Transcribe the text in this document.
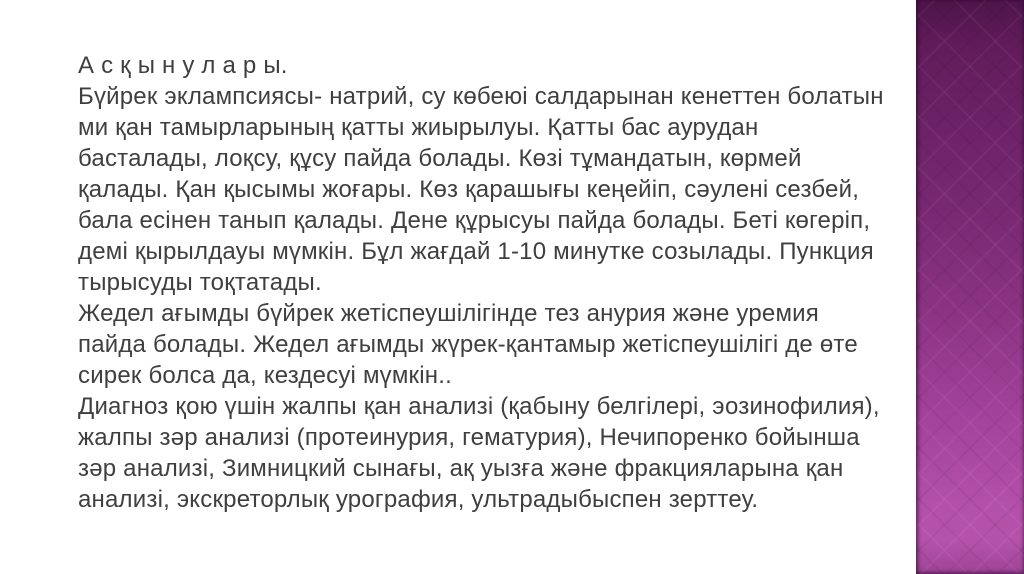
А с қ ы н у л а р ы.
Бүйрек эклампсиясы- натрий, су көбеюі салдарынан кенеттен болатын
ми қан тамырларының қатты жиырылуы. Қатты бас аурудан
басталады, лоқсу, құсу пайда болады. Көзі тұмандатын, көрмей
қалады. Қан қысымы жоғары. Көз қарашығы кеңейіп, сәулені сезбей,
бала есінен танып қалады. Дене құрысуы пайда болады. Беті көгеріп,
демі қырылдауы мүмкін. Бұл жағдай 1-10 минутке созылады. Пункция
тырысуды тоқтатады.
Жедел ағымды бүйрек жетіспеушілігінде тез анурия және уремия
пайда болады. Жедел ағымды жүрек-қантамыр жетіспеушілігі де өте
сирек болса да, кездесуі мүмкін..
Диагноз қою үшін жалпы қан анализі (қабыну белгілері, эозинофилия),
жалпы зәр анализі (протеинурия, гематурия), Нечипоренко бойынша
зәр анализі, Зимницкий сынағы, ақ уызға және фракцияларына қан
анализі, экскреторлық урография, ультрадыбыспен зерттеу.
